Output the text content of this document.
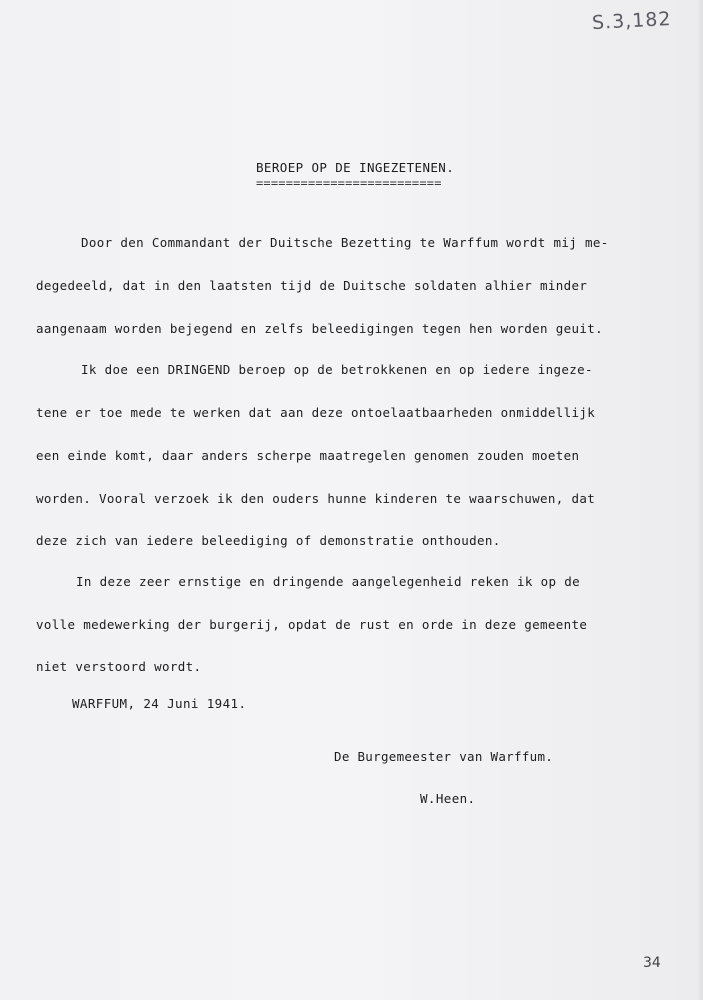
S.3,182
BEROEP OP DE INGEZETENEN.
=========================
Door den Commandant der Duitsche Bezetting te Warffum wordt mij me-
degedeeld, dat in den laatsten tijd de Duitsche soldaten alhier minder
aangenaam worden bejegend en zelfs beleedigingen tegen hen worden geuit.
Ik doe een DRINGEND beroep op de betrokkenen en op iedere ingeze-
tene er toe mede te werken dat aan deze ontoelaatbaarheden onmiddellijk
een einde komt, daar anders scherpe maatregelen genomen zouden moeten
worden. Vooral verzoek ik den ouders hunne kinderen te waarschuwen, dat
deze zich van iedere beleediging of demonstratie onthouden.
In deze zeer ernstige en dringende aangelegenheid reken ik op de
volle medewerking der burgerij, opdat de rust en orde in deze gemeente
niet verstoord wordt.
WARFFUM, 24 Juni 1941.
De Burgemeester van Warffum.
W.Heen.
34
